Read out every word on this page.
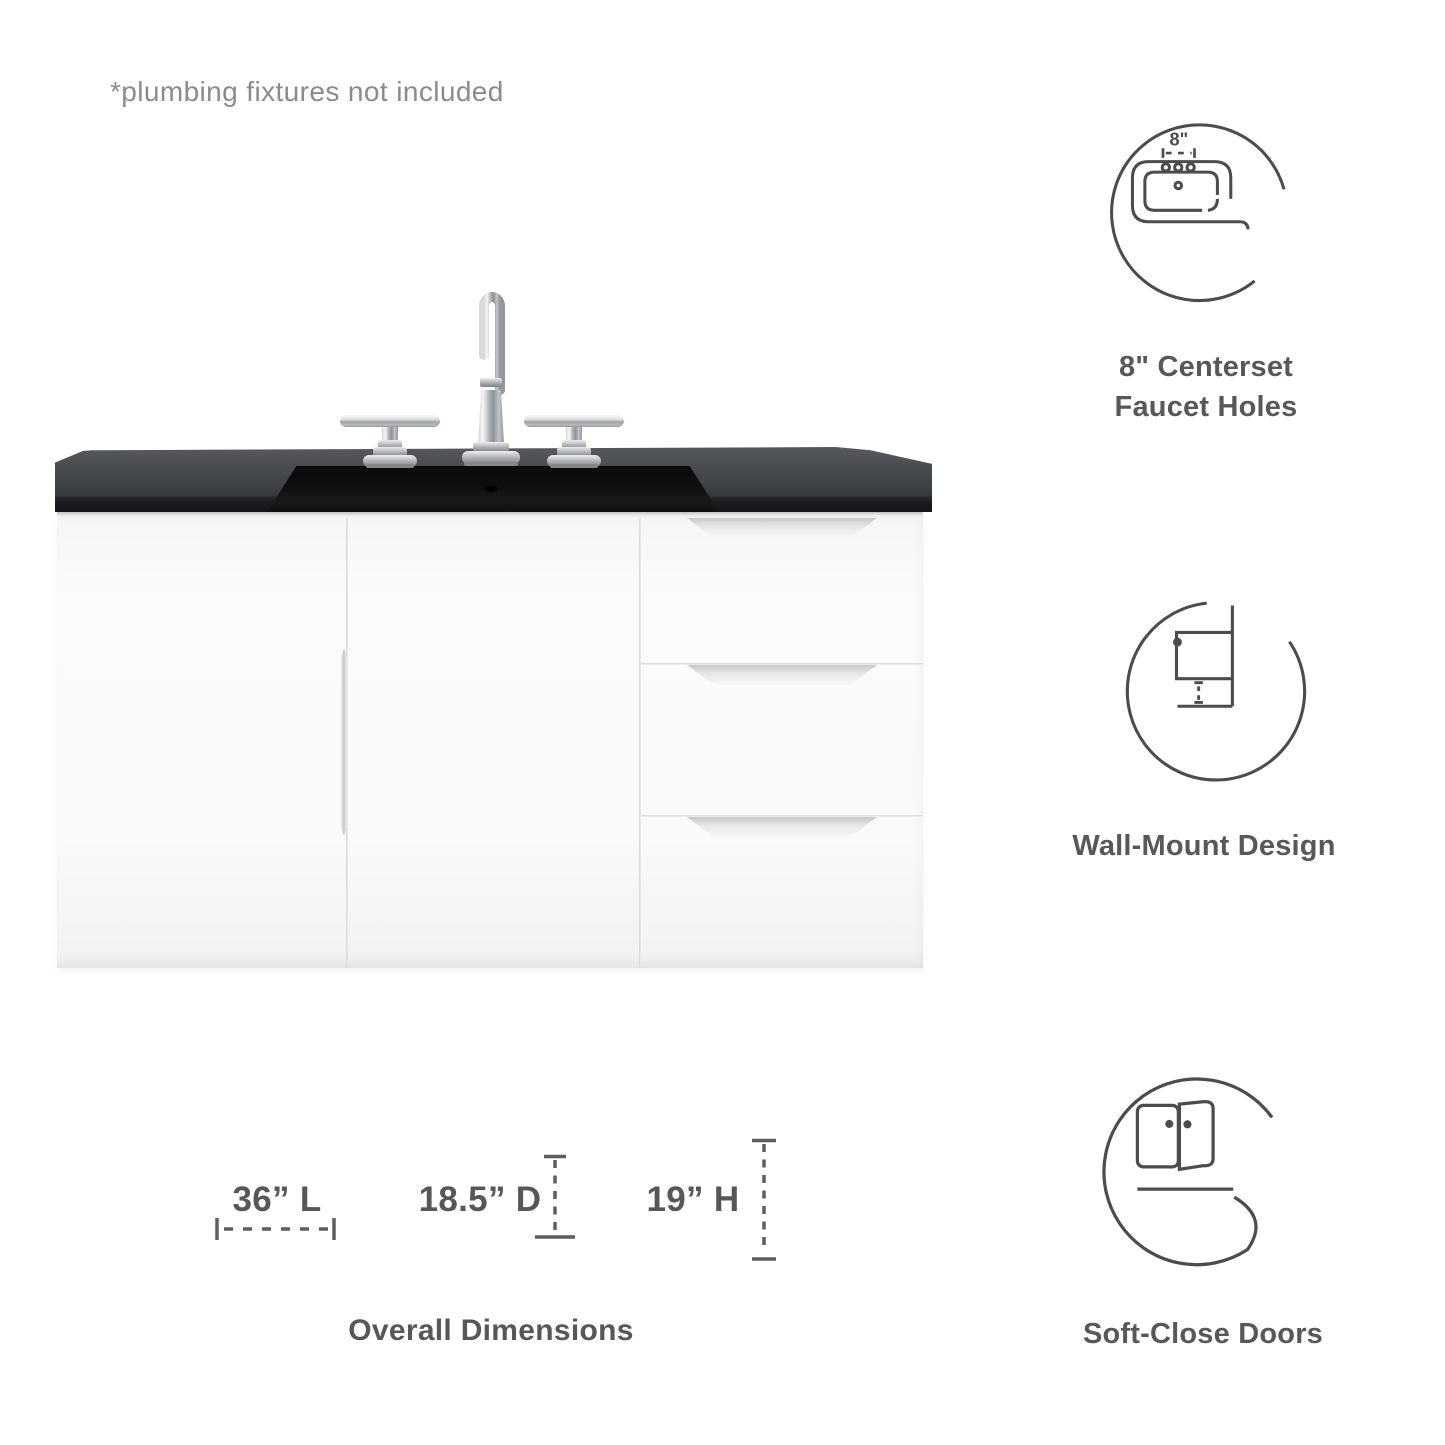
*plumbing fixtures not included
8"
8" Centerset
Faucet Holes
Wall-Mount Design
Soft-Close Doors
36” L	18.5” D	19” H
Overall Dimensions
